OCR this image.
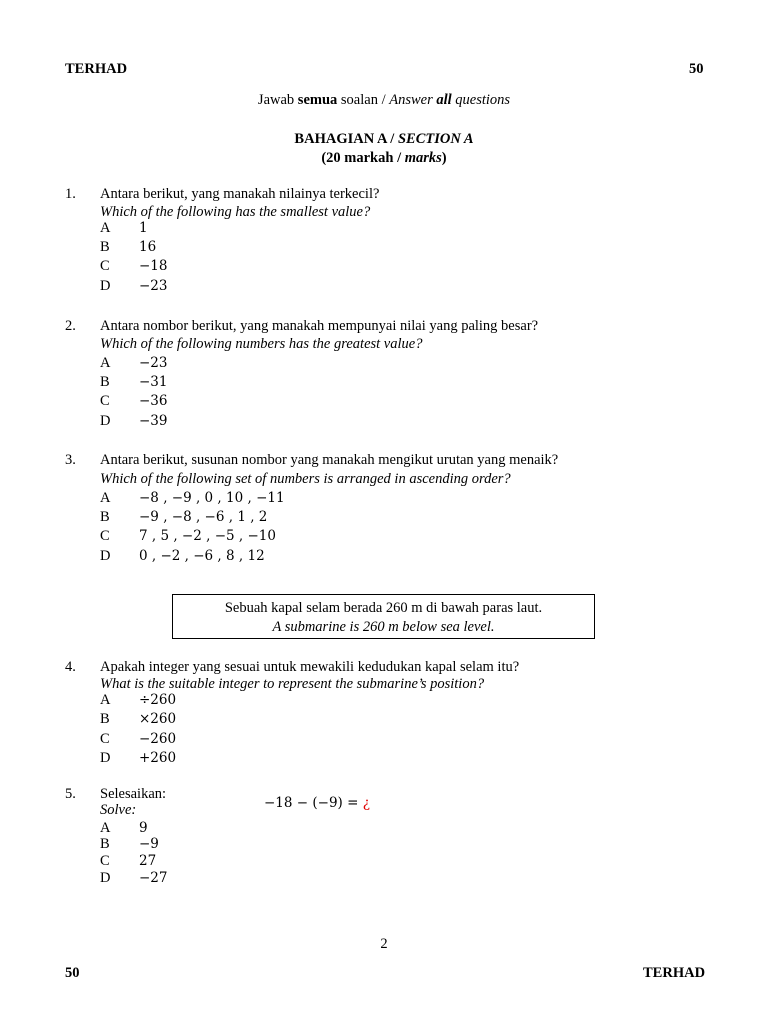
TERHAD	50
Jawab semua soalan / Answer all questions
BAHAGIAN A / SECTION A
(20 markah / marks)
1. Antara berikut, yang manakah nilainya terkecil?
Which of the following has the smallest value?
A 1
B 16
C −18
D −23
2. Antara nombor berikut, yang manakah mempunyai nilai yang paling besar?
Which of the following numbers has the greatest value?
A −23
B −31
C −36
D −39
3. Antara berikut, susunan nombor yang manakah mengikut urutan yang menaik?
Which of the following set of numbers is arranged in ascending order?
A −8 , −9 , 0 , 10 , −11
B −9 , −8 , −6 , 1 , 2
C 7 , 5 , −2 , −5 , −10
D 0 , −2 , −6 , 8 , 12
Sebuah kapal selam berada 260 m di bawah paras laut.
A submarine is 260 m below sea level.
4. Apakah integer yang sesuai untuk mewakili kedudukan kapal selam itu?
What is the suitable integer to represent the submarine’s position?
A ÷260
B ×260
C −260
D +260
5. Selesaikan:
Solve:	−18 − (−9) = ¿
A 9
B −9
C 27
D −27
2
50	TERHAD
